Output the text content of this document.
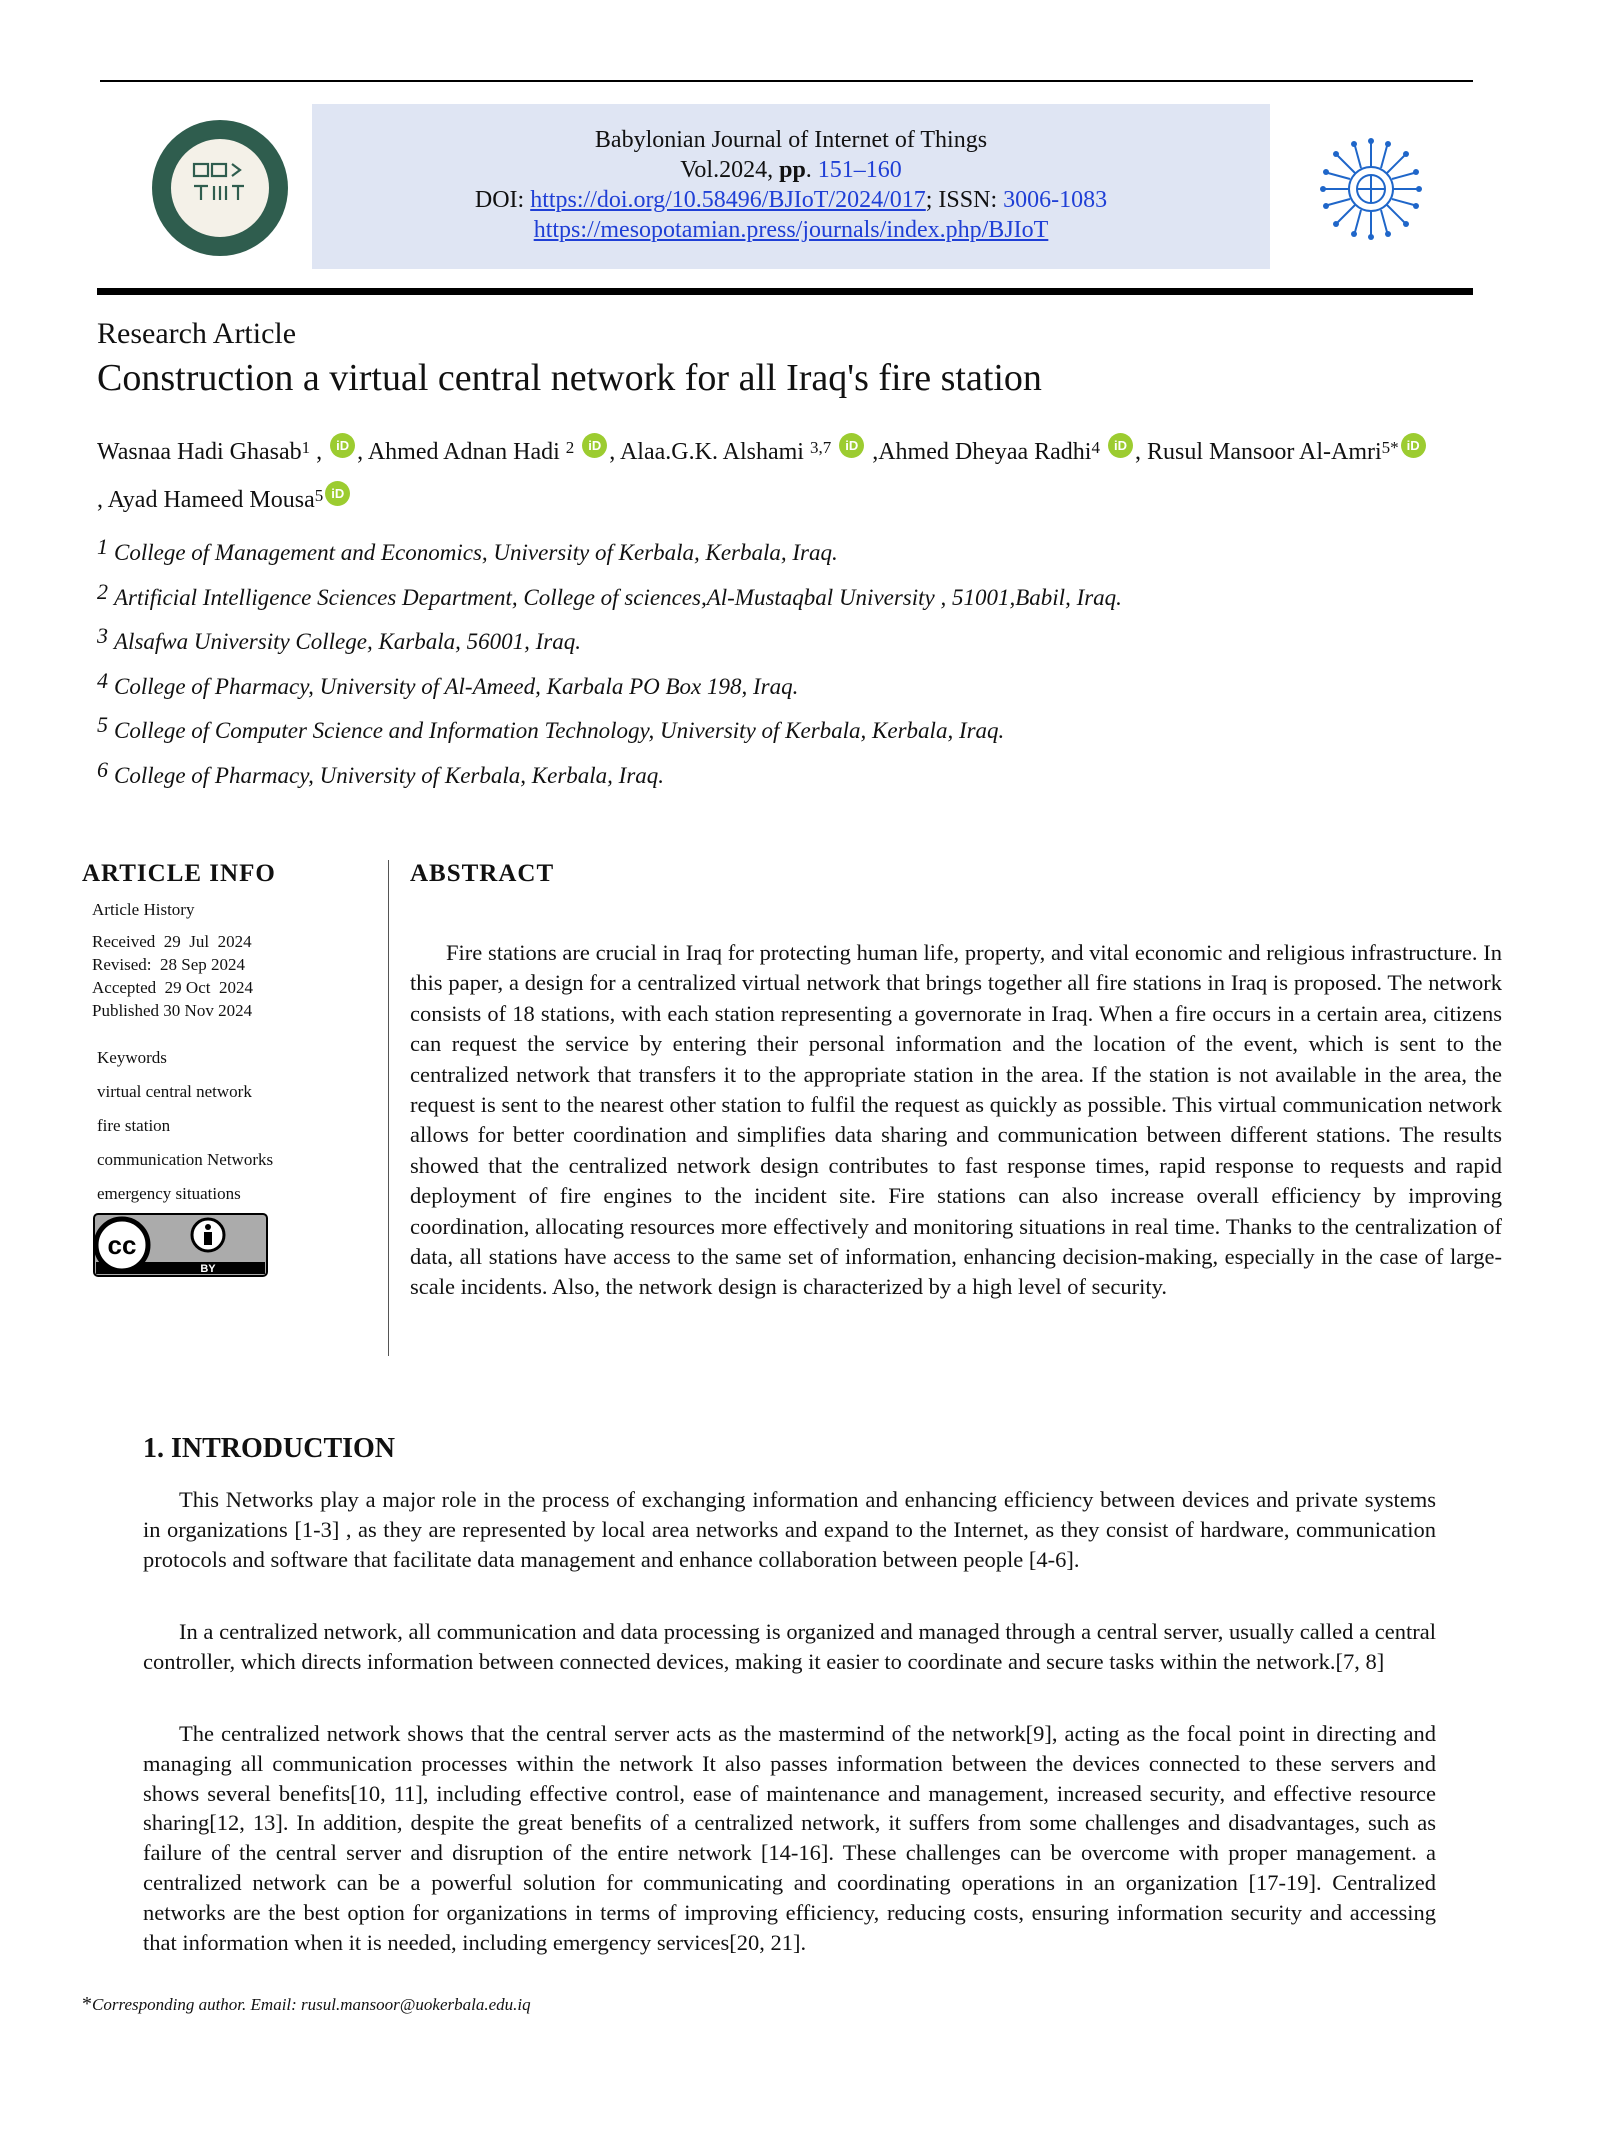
Babylonian Journal of Internet of Things
Vol.2024, pp. 151–160
DOI: https://doi.org/10.58496/BJIoT/2024/017; ISSN: 3006-1083
https://mesopotamian.press/journals/index.php/BJIoT
Research Article
Construction a virtual central network for all Iraq's fire station
Wasnaa Hadi Ghasab$^1$ , iD , Ahmed Adnan Hadi $^2$ iD , Alaa.G.K. Alshami $^{3,7}$ iD ,Ahmed Dheyaa Radhi$^4$ iD , Rusul Mansoor Al-Amri$^{5*}$ iD
, Ayad Hameed Mousa$^5$ iD
1 College of Management and Economics, University of Kerbala, Kerbala, Iraq.
2 Artificial Intelligence Sciences Department, College of sciences,Al-Mustaqbal University , 51001,Babil, Iraq.
3 Alsafwa University College, Karbala, 56001, Iraq.
4 College of Pharmacy, University of Al-Ameed, Karbala PO Box 198, Iraq.
5 College of Computer Science and Information Technology, University of Kerbala, Kerbala, Iraq.
6 College of Pharmacy, University of Kerbala, Kerbala, Iraq.
ARTICLE INFO
Article History
Received  29  Jul  2024
Revised:  28 Sep 2024
Accepted  29 Oct  2024
Published 30 Nov 2024
Keywords
virtual central network
fire station
communication Networks
emergency situations
cc
BY
ABSTRACT
Fire stations are crucial in Iraq for protecting human life, property, and vital economic and religious infrastructure. In this paper, a design for a centralized virtual network that brings together all fire stations in Iraq is proposed. The network consists of 18 stations, with each station representing a governorate in Iraq. When a fire occurs in a certain area, citizens can request the service by entering their personal information and the location of the event, which is sent to the centralized network that transfers it to the appropriate station in the area. If the station is not available in the area, the request is sent to the nearest other station to fulfil the request as quickly as possible. This virtual communication network allows for better coordination and simplifies data sharing and communication between different stations. The results showed that the centralized network design contributes to fast response times, rapid response to requests and rapid deployment of fire engines to the incident site. Fire stations can also increase overall efficiency by improving coordination, allocating resources more effectively and monitoring situations in real time. Thanks to the centralization of data, all stations have access to the same set of information, enhancing decision-making, especially in the case of large-scale incidents. Also, the network design is characterized by a high level of security.
1. INTRODUCTION
This Networks play a major role in the process of exchanging information and enhancing efficiency between devices and private systems in organizations [1-3] , as they are represented by local area networks and expand to the Internet, as they consist of hardware, communication protocols and software that facilitate data management and enhance collaboration between people [4-6].
In a centralized network, all communication and data processing is organized and managed through a central server, usually called a central controller, which directs information between connected devices, making it easier to coordinate and secure tasks within the network.[7, 8]
The centralized network shows that the central server acts as the mastermind of the network[9], acting as the focal point in directing and managing all communication processes within the network It also passes information between the devices connected to these servers and shows several benefits[10, 11], including effective control, ease of maintenance and management, increased security, and effective resource sharing[12, 13]. In addition, despite the great benefits of a centralized network, it suffers from some challenges and disadvantages, such as failure of the central server and disruption of the entire network [14-16]. These challenges can be overcome with proper management. a centralized network can be a powerful solution for communicating and coordinating operations in an organization [17-19]. Centralized networks are the best option for organizations in terms of improving efficiency, reducing costs, ensuring information security and accessing that information when it is needed, including emergency services[20, 21].
*Corresponding author. Email: rusul.mansoor@uokerbala.edu.iq
